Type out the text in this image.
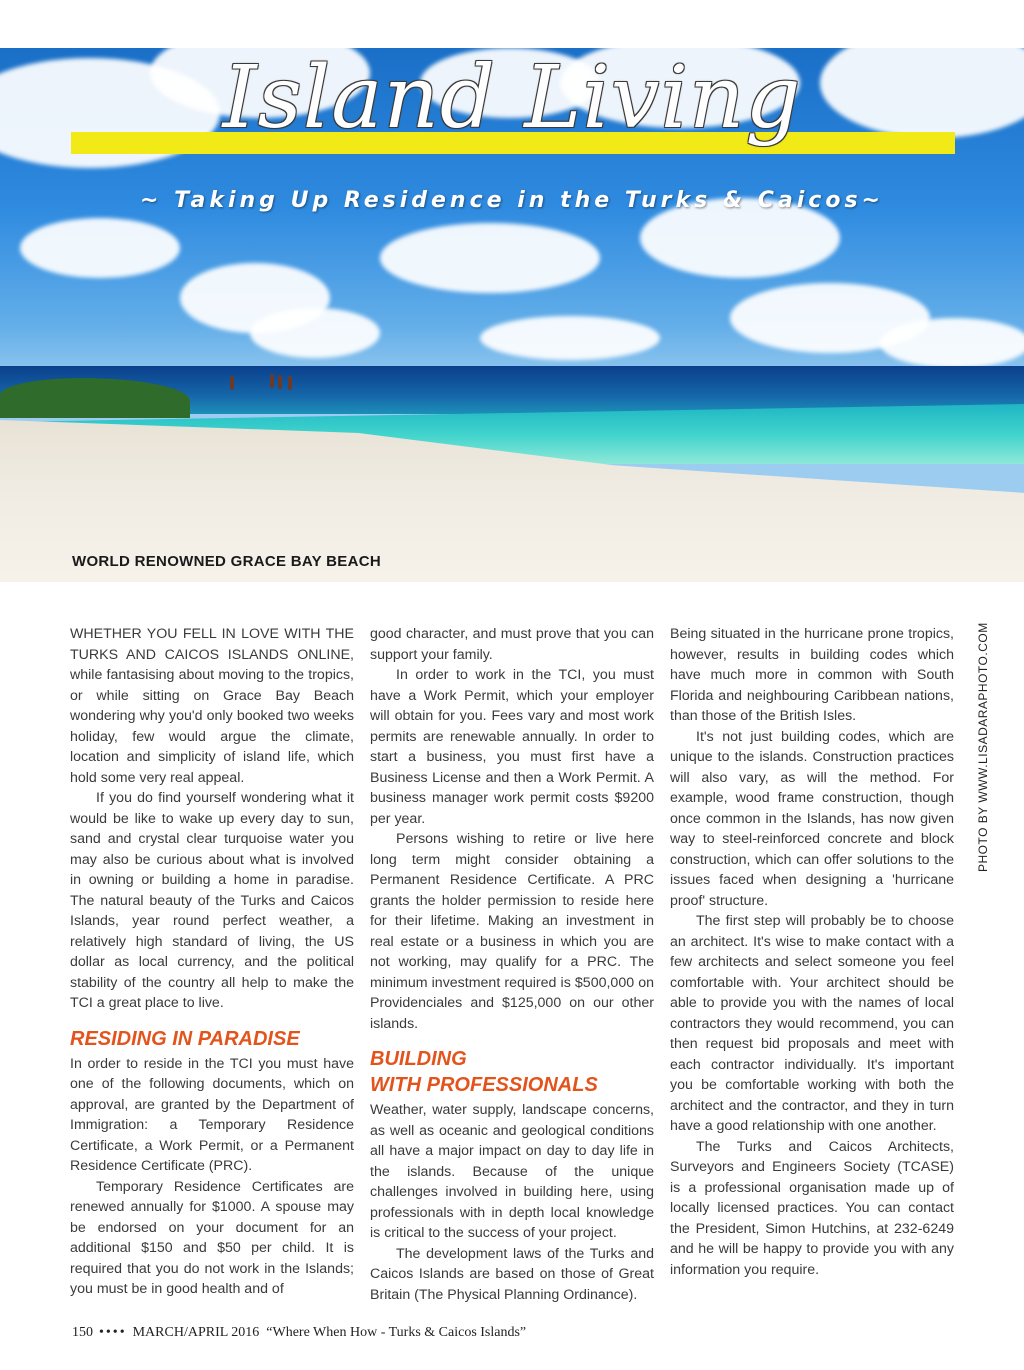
Island Living
~ Taking Up Residence in the Turks & Caicos~
WORLD RENOWNED GRACE BAY BEACH

WHETHER YOU FELL IN LOVE WITH THE TURKS AND CAICOS ISLANDS ONLINE, while fantasising about moving to the tropics, or while sitting on Grace Bay Beach wondering why you'd only booked two weeks holiday, few would argue the climate, location and simplicity of island life, which hold some very real appeal.

If you do find yourself wondering what it would be like to wake up every day to sun, sand and crystal clear turquoise water you may also be curious about what is involved in owning or building a home in paradise. The natural beauty of the Turks and Caicos Islands, year round perfect weather, a relatively high standard of living, the US dollar as local currency, and the political stability of the country all help to make the TCI a great place to live.

RESIDING IN PARADISE

In order to reside in the TCI you must have one of the following documents, which on approval, are granted by the Department of Immigration: a Temporary Residence Certificate, a Work Permit, or a Permanent Residence Certificate (PRC).

Temporary Residence Certificates are renewed annually for $1000. A spouse may be endorsed on your document for an additional $150 and $50 per child. It is required that you do not work in the Islands; you must be in good health and of

good character, and must prove that you can support your family.

In order to work in the TCI, you must have a Work Permit, which your employer will obtain for you. Fees vary and most work permits are renewable annually. In order to start a business, you must first have a Business License and then a Work Permit. A business manager work permit costs $9200 per year.

Persons wishing to retire or live here long term might consider obtaining a Permanent Residence Certificate. A PRC grants the holder permission to reside here for their lifetime. Making an investment in real estate or a business in which you are not working, may qualify for a PRC. The minimum investment required is $500,000 on Providenciales and $125,000 on our other islands.

BUILDING
WITH PROFESSIONALS

Weather, water supply, landscape concerns, as well as oceanic and geological conditions all have a major impact on day to day life in the islands. Because of the unique challenges involved in building here, using professionals with in depth local knowledge is critical to the success of your project.

The development laws of the Turks and Caicos Islands are based on those of Great Britain (The Physical Planning Ordinance).

Being situated in the hurricane prone tropics, however, results in building codes which have much more in common with South Florida and neighbouring Caribbean nations, than those of the British Isles.

It's not just building codes, which are unique to the islands. Construction practices will also vary, as will the method. For example, wood frame construction, though once common in the Islands, has now given way to steel-reinforced concrete and block construction, which can offer solutions to the issues faced when designing a 'hurricane proof' structure.

The first step will probably be to choose an architect. It's wise to make contact with a few architects and select someone you feel comfortable with. Your architect should be able to provide you with the names of local contractors they would recommend, you can then request bid proposals and meet with each contractor individually. It's important you be comfortable working with both the architect and the contractor, and they in turn have a good relationship with one another.

The Turks and Caicos Architects, Surveyors and Engineers Society (TCASE) is a professional organisation made up of locally licensed practices. You can contact the President, Simon Hutchins, at 232-6249 and he will be happy to provide you with any information you require.

PHOTO BY WWW.LISADARAPHOTO.COM
150 •••• MARCH/APRIL 2016 “Where When How - Turks & Caicos Islands”
